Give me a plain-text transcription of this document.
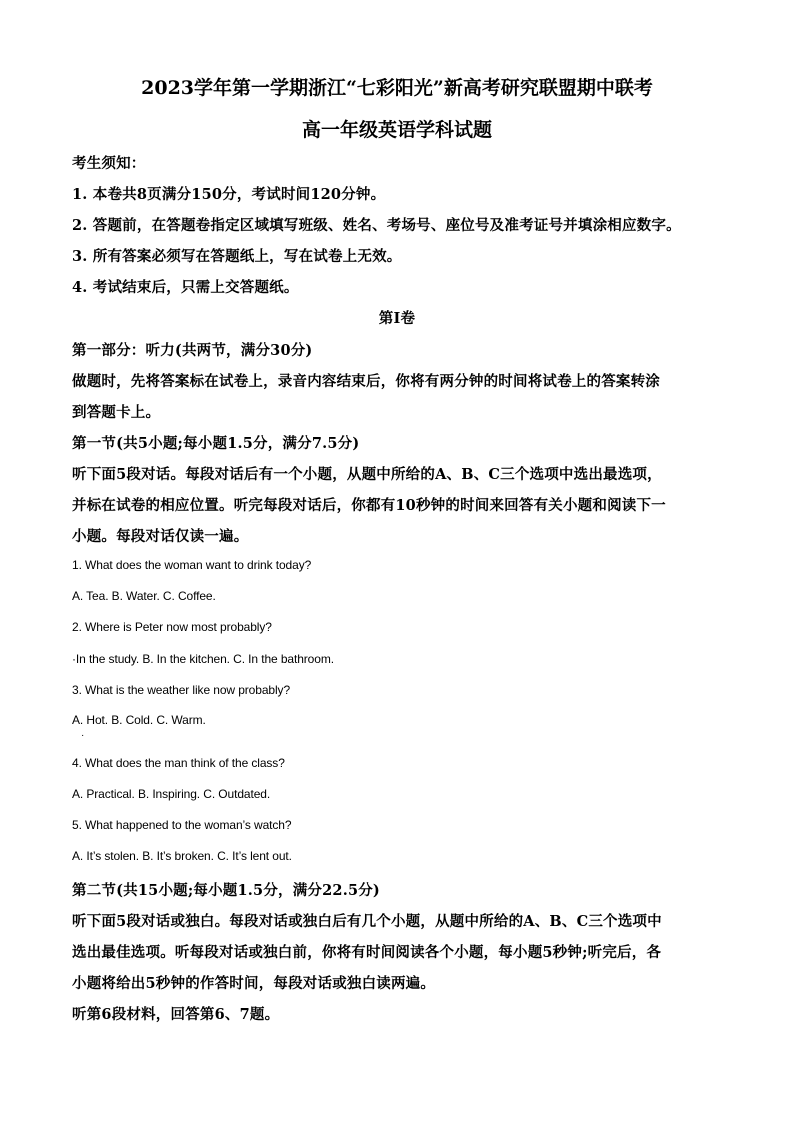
2023学年第一学期浙江“七彩阳光”新高考研究联盟期中联考
高一年级英语学科试题
考生须知：
1. 本卷共8页满分150分，考试时间120分钟。
2. 答题前，在答题卷指定区域填写班级、姓名、考场号、座位号及准考证号并填涂相应数字。
3. 所有答案必须写在答题纸上，写在试卷上无效。
4. 考试结束后，只需上交答题纸。
第Ⅰ卷
第一部分：听力(共两节，满分30分)
做题时，先将答案标在试卷上，录音内容结束后，你将有两分钟的时间将试卷上的答案转涂
到答题卡上。
第一节(共5小题;每小题1.5分，满分7.5分)
听下面5段对话。每段对话后有一个小题，从题中所给的A、B、C三个选项中选出最选项，
并标在试卷的相应位置。听完每段对话后，你都有10秒钟的时间来回答有关小题和阅读下一
小题。每段对话仅读一遍。
1. What does the woman want to drink today?
A. Tea. B. Water. C. Coffee.
2. Where is Peter now most probably?
·In the study. B. In the kitchen. C. In the bathroom.
3. What is the weather like now probably?
A. Hot. B. Cold. C. Warm.
·
4. What does the man think of the class?
A. Practical. B. Inspiring. C. Outdated.
5. What happened to the woman’s watch?
A. It’s stolen. B. It’s broken. C. It’s lent out.
第二节(共15小题;每小题1.5分，满分22.5分)
听下面5段对话或独白。每段对话或独白后有几个小题，从题中所给的A、B、C三个选项中
选出最佳选项。听每段对话或独白前，你将有时间阅读各个小题，每小题5秒钟;听完后，各
小题将给出5秒钟的作答时间，每段对话或独白读两遍。
听第6段材料，回答第6、7题。
